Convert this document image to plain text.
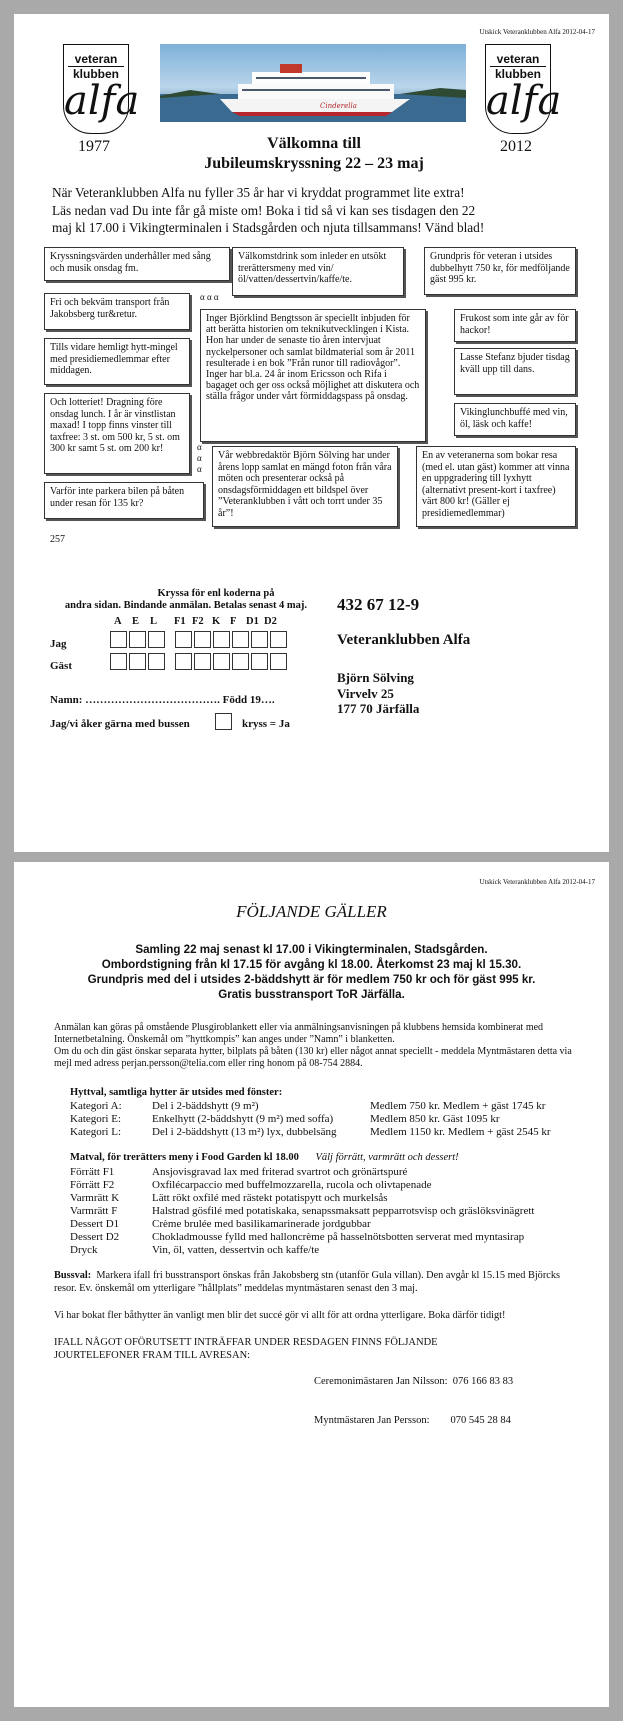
Utskick Veteranklubben Alfa 2012-04-17
veteran
klubben
alfa
veteran
klubben
alfa
Cinderella
1977	2012
Välkomna till
Jubileumskryssning 22 – 23 maj
När Veteranklubben Alfa nu fyller 35 år har vi kryddat programmet lite extra!
Läs nedan vad Du inte får gå miste om! Boka i tid så vi kan ses tisdagen den 22
maj kl 17.00 i Vikingterminalen i Stadsgården och njuta tillsammans! Vänd blad!
Kryssningsvärden underhåller med sång och musik onsdag fm.
Välkomstdrink som inleder en utsökt trerättersmeny med vin/öl/vatten/dessertvin/kaffe/te.
Grundpris för veteran i utsides dubbelhytt 750 kr, för medföljande gäst 995 kr.
Fri och bekväm transport från Jakobsberg tur&retur.
α α α
Inger Björklind Bengtsson är speciellt inbjuden för att berätta historien om teknikutvecklingen i Kista. Hon har under de senaste tio åren intervjuat nyckelpersoner och samlat bildmaterial som år 2011 resulterade i en bok ”Från runor till radiovågor”. Inger har bl.a. 24 år inom Ericsson och Rifa i bagaget och ger oss också möjlighet att diskutera och ställa frågor under vårt förmiddagspass på onsdag.
Frukost som inte går av för hackor!
Tills vidare hemligt hytt-mingel med presidiemedlemmar efter middagen.
Lasse Stefanz bjuder tisdag kväll upp till dans.
Och lotteriet! Dragning före onsdag lunch. I år är vinstlistan maxad! I topp finns vinster till taxfree: 3 st. om 500 kr, 5 st. om 300 kr samt 5 st. om 200 kr!
Vikinglunchbuffé med vin, öl, läsk och kaffe!
α
α
α
Vår webbredaktör Björn Sölving har under årens lopp samlat en mängd foton från våra möten och presenterar också på onsdagsförmiddagen ett bildspel över ”Veteranklubben i vått och torrt under 35 år”!
En av veteranerna som bokar resa (med el. utan gäst) kommer att vinna en uppgradering till lyxhytt (alternativt present-kort i taxfree) värt 800 kr! (Gäller ej presidiemedlemmar)
Varför inte parkera bilen på båten under resan för 135 kr?
257
Kryssa för enl koderna på
andra sidan. Bindande anmälan. Betalas senast 4 maj.
A E L F1 F2 K F D1 D2
Jag
Gäst
Namn: ………………………………. Född 19….
Jag/vi åker gärna med bussen	kryss = Ja
432 67 12-9
Veteranklubben Alfa
Björn Sölving
Virvelv 25
177 70 Järfälla
Utskick Veteranklubben Alfa 2012-04-17
FÖLJANDE GÄLLER
Samling 22 maj senast kl 17.00 i Vikingterminalen, Stadsgården.
Ombordstigning från kl 17.15 för avgång kl 18.00. Återkomst 23 maj kl 15.30.
Grundpris med del i utsides 2-bäddshytt är för medlem 750 kr och för gäst 995 kr.
Gratis busstransport ToR Järfälla.
Anmälan kan göras på omstående Plusgiroblankett eller via anmälningsanvisningen på klubbens hemsida kombinerat med Internetbetalning. Önskemål om ”hyttkompis” kan anges under ”Namn” i blanketten.
Om du och din gäst önskar separata hytter, bilplats på båten (130 kr) eller något annat speciellt - meddela Myntmästaren detta via mejl med adress perjan.persson@telia.com eller ring honom på 08-754 2884.
Hyttval, samtliga hytter är utsides med fönster:
Kategori A:	Del i 2-bäddshytt (9 m²)	Medlem 750 kr. Medlem + gäst 1745 kr
Kategori E:	Enkelhytt (2-bäddshytt (9 m²) med soffa)	Medlem 850 kr. Gäst 1095 kr
Kategori L:	Del i 2-bäddshytt (13 m²) lyx, dubbelsäng	Medlem 1150 kr. Medlem + gäst 2545 kr
Matval, för trerätters meny i Food Garden kl 18.00 Välj förrätt, varmrätt och dessert!
Förrätt F1	Ansjovisgravad lax med friterad svartrot och grönärtspuré
Förrätt F2	Oxfilécarpaccio med buffelmozzarella, rucola och olivtapenade
Varmrätt K	Lätt rökt oxfilé med rästekt potatispytt och murkelsås
Varmrätt F	Halstrad gösfilé med potatiskaka, senapssmaksatt pepparrotsvisp och gräslöksvinägrett
Dessert D1	Crème brulée med basilikamarinerade jordgubbar
Dessert D2	Chokladmousse fylld med halloncrème på hasselnötsbotten serverat med myntasirap
Dryck	Vin, öl, vatten, dessertvin och kaffe/te
Bussval: Markera ifall fri busstransport önskas från Jakobsberg stn (utanför Gula villan). Den avgår kl 15.15 med Björcks resor. Ev. önskemål om ytterligare ”hållplats” meddelas myntmästaren senast den 3 maj.
Vi har bokat fler båthytter än vanligt men blir det succé gör vi allt för att ordna ytterligare. Boka därför tidigt!
IFALL NÅGOT OFÖRUTSETT INTRÄFFAR UNDER RESDAGEN FINNS FÖLJANDE
JOURTELEFONER FRAM TILL AVRESAN:

Ceremonimästaren Jan Nilsson:  076 166 83 83

Myntmästaren Jan Persson:        070 545 28 84
